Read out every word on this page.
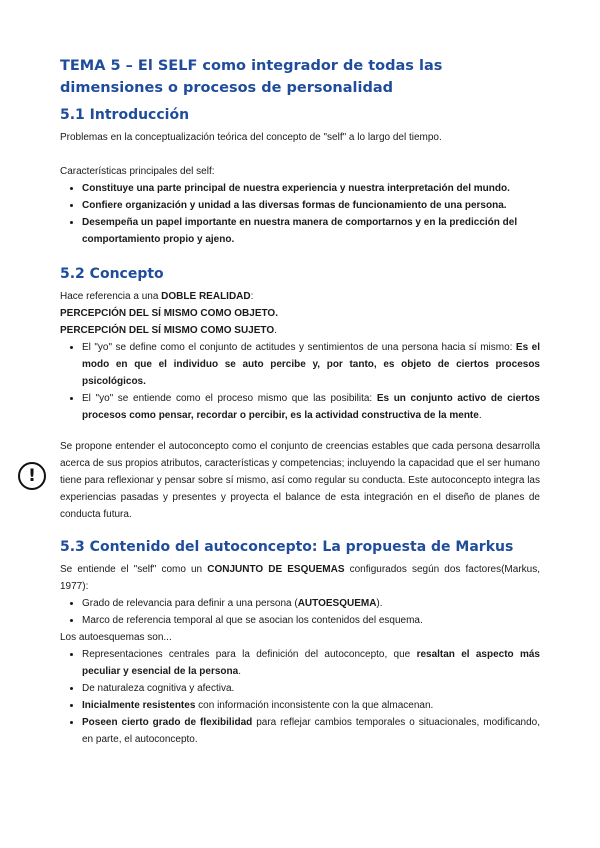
TEMA 5 – El SELF como integrador de todas las dimensiones o procesos de personalidad
5.1 Introducción

Problemas en la conceptualización teórica del concepto de "self" a lo largo del tiempo.

Características principales del self:

• Constituye una parte principal de nuestra experiencia y nuestra interpretación del mundo.
• Confiere organización y unidad a las diversas formas de funcionamiento de una persona.
• Desempeña un papel importante en nuestra manera de comportarnos y en la predicción del comportamiento propio y ajeno.
5.2 Concepto

Hace referencia a una DOBLE REALIDAD:

PERCEPCIÓN DEL SÍ MISMO COMO OBJETO.

PERCEPCIÓN DEL SÍ MISMO COMO SUJETO.

• El "yo" se define como el conjunto de actitudes y sentimientos de una persona hacia sí mismo: Es el modo en que el individuo se auto percibe y, por tanto, es objeto de ciertos procesos psicológicos.
• El "yo" se entiende como el proceso mismo que las posibilita: Es un conjunto activo de ciertos procesos como pensar, recordar o percibir, es la actividad constructiva de la mente.
!

Se propone entender el autoconcepto como el conjunto de creencias estables que cada persona desarrolla acerca de sus propios atributos, características y competencias; incluyendo la capacidad que el ser humano tiene para reflexionar y pensar sobre sí mismo, así como regular su conducta. Este autoconcepto integra las experiencias pasadas y presentes y proyecta el balance de esta integración en el diseño de planes de conducta futura.

5.3 Contenido del autoconcepto: La propuesta de Markus

Se entiende el "self" como un CONJUNTO DE ESQUEMAS configurados según dos factores(Markus, 1977):

• Grado de relevancia para definir a una persona (AUTOESQUEMA).
• Marco de referencia temporal al que se asocian los contenidos del esquema.

Los autoesquemas son...

• Representaciones centrales para la definición del autoconcepto, que resaltan el aspecto más peculiar y esencial de la persona.
• De naturaleza cognitiva y afectiva.
• Inicialmente resistentes con información inconsistente con la que almacenan.
• Poseen cierto grado de flexibilidad para reflejar cambios temporales o situacionales, modificando, en parte, el autoconcepto.
